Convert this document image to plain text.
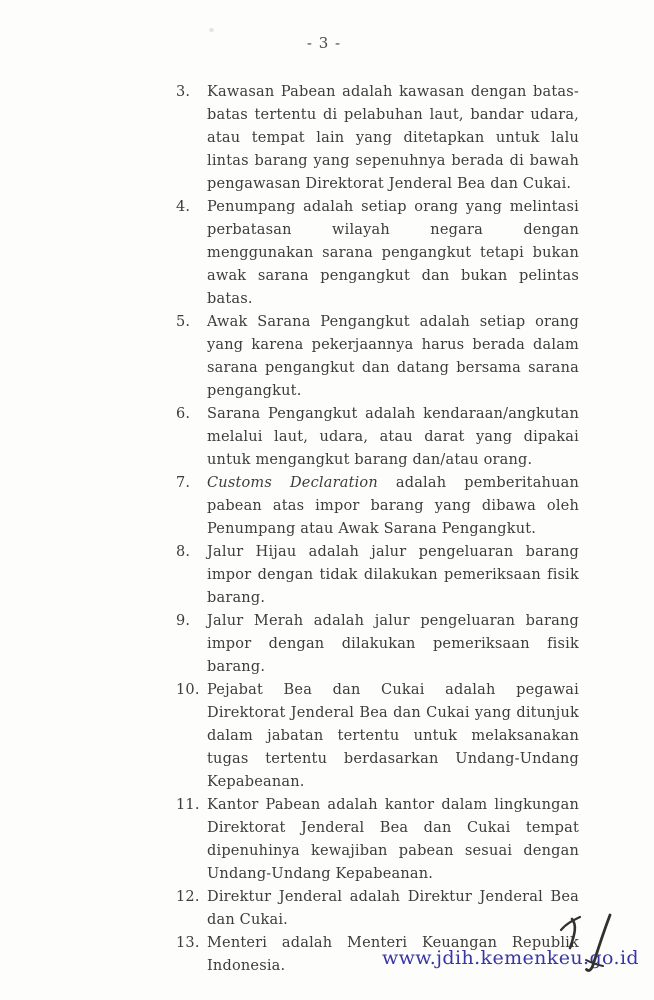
- 3 -
3.	Kawasan Pabean adalah kawasan dengan batas-batas tertentu di pelabuhan laut, bandar udara, atau tempat lain yang ditetapkan untuk lalu lintas barang yang sepenuhnya berada di bawah pengawasan Direktorat Jenderal Bea dan Cukai.
4.	Penumpang adalah setiap orang yang melintasi perbatasan wilayah negara dengan menggunakan sarana pengangkut tetapi bukan awak sarana pengangkut dan bukan pelintas batas.
5.	Awak Sarana Pengangkut adalah setiap orang yang karena pekerjaannya harus berada dalam sarana pengangkut dan datang bersama sarana pengangkut.
6.	Sarana Pengangkut adalah kendaraan/angkutan melalui laut, udara, atau darat yang dipakai untuk mengangkut barang dan/atau orang.
7.	Customs Declaration adalah pemberitahuan pabean atas impor barang yang dibawa oleh Penumpang atau Awak Sarana Pengangkut.
8.	Jalur Hijau adalah jalur pengeluaran barang impor dengan tidak dilakukan pemeriksaan fisik barang.
9.	Jalur Merah adalah jalur pengeluaran barang impor dengan dilakukan pemeriksaan fisik barang.
10. Pejabat Bea dan Cukai adalah pegawai Direktorat Jenderal Bea dan Cukai yang ditunjuk dalam jabatan tertentu untuk melaksanakan tugas tertentu berdasarkan Undang-Undang Kepabeanan.
11. Kantor Pabean adalah kantor dalam lingkungan Direktorat Jenderal Bea dan Cukai tempat dipenuhinya kewajiban pabean sesuai dengan Undang-Undang Kepabeanan.
12. Direktur Jenderal adalah Direktur Jenderal Bea dan Cukai.
13. Menteri adalah Menteri Keuangan Republik Indonesia.	www.jdih.kemenkeu.go.id
